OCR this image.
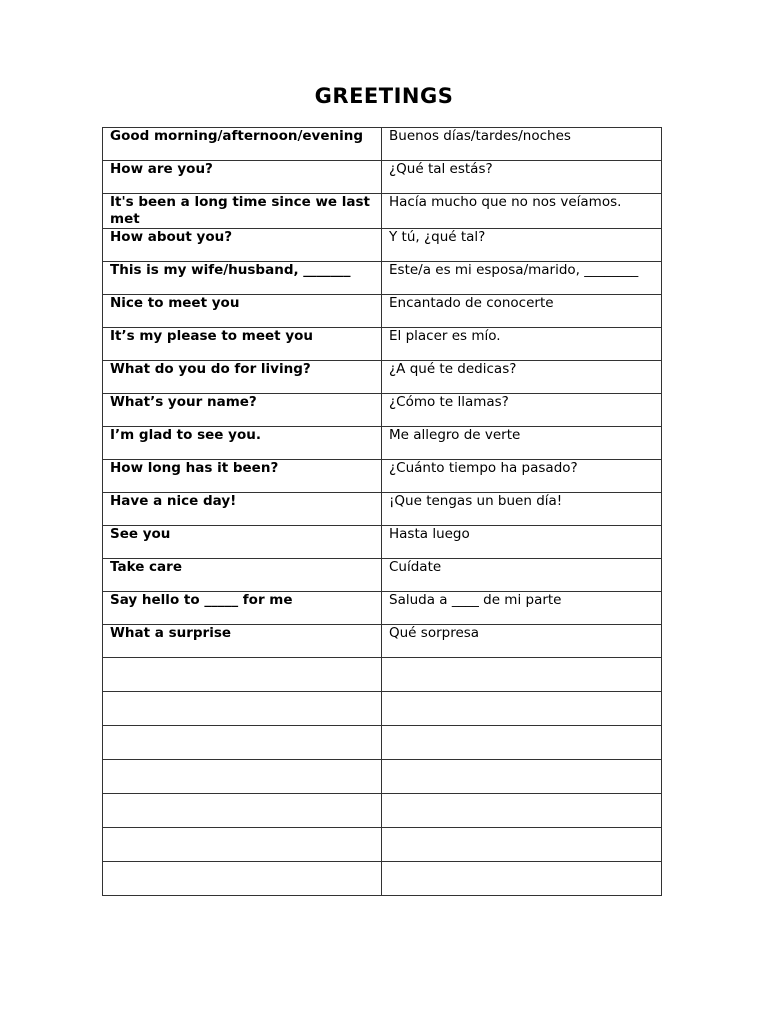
GREETINGS
Good morning/afternoon/evening	Buenos días/tardes/noches
How are you?	¿Qué tal estás?
It's been a long time since we last met	Hacía mucho que no nos veíamos.
How about you?	Y tú, ¿qué tal?
This is my wife/husband, _______	Este/a es mi esposa/marido, ________
Nice to meet you	Encantado de conocerte
It’s my please to meet you	El placer es mío.
What do you do for living?	¿A qué te dedicas?
What’s your name?	¿Cómo te llamas?
I’m glad to see you.	Me allegro de verte
How long has it been?	¿Cuánto tiempo ha pasado?
Have a nice day!	¡Que tengas un buen día!
See you	Hasta luego
Take care	Cuídate
Say hello to _____ for me	Saluda a ____ de mi parte
What a surprise	Qué sorpresa
